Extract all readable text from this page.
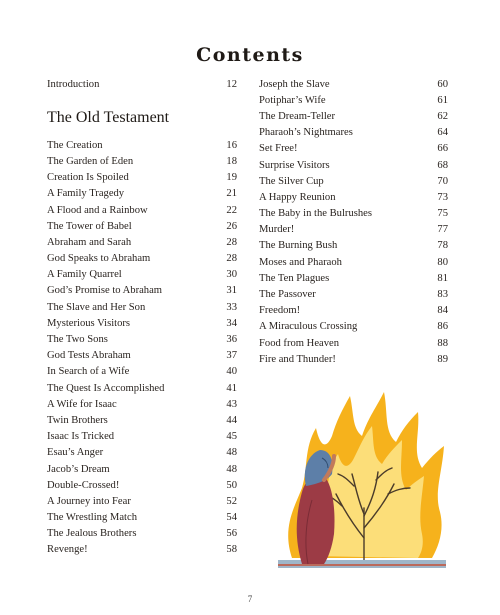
Contents
Introduction	12
The Old Testament
The Creation	16
The Garden of Eden	18
Creation Is Spoiled	19
A Family Tragedy	21
A Flood and a Rainbow	22
The Tower of Babel	26
Abraham and Sarah	28
God Speaks to Abraham	28
A Family Quarrel	30
God’s Promise to Abraham	31
The Slave and Her Son	33
Mysterious Visitors	34
The Two Sons	36
God Tests Abraham	37
In Search of a Wife	40
The Quest Is Accomplished	41
A Wife for Isaac	43
Twin Brothers	44
Isaac Is Tricked	45
Esau’s Anger	48
Jacob’s Dream	48
Double-Crossed!	50
A Journey into Fear	52
The Wrestling Match	54
The Jealous Brothers	56
Revenge!	58
Joseph the Slave	60
Potiphar’s Wife	61
The Dream-Teller	62
Pharaoh’s Nightmares	64
Set Free!	66
Surprise Visitors	68
The Silver Cup	70
A Happy Reunion	73
The Baby in the Bulrushes	75
Murder!	77
The Burning Bush	78
Moses and Pharaoh	80
The Ten Plagues	81
The Passover	83
Freedom!	84
A Miraculous Crossing	86
Food from Heaven	88
Fire and Thunder!	89
7
